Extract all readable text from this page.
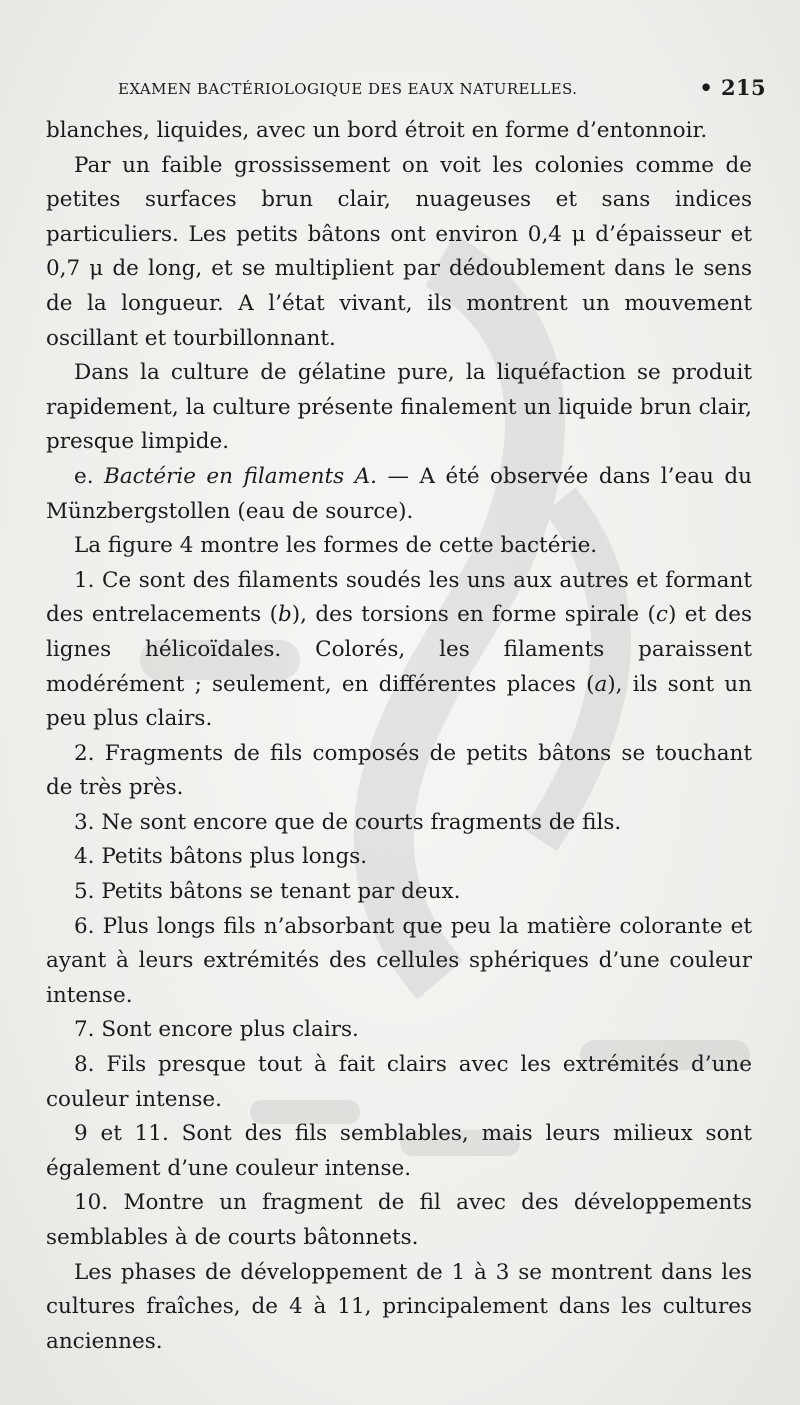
EXAMEN BACTÉRIOLOGIQUE DES EAUX NATURELLES.	• 215

blanches, liquides, avec un bord étroit en forme d’entonnoir.

Par un faible grossissement on voit les colonies comme de petites surfaces brun clair, nuageuses et sans indices particuliers. Les petits bâtons ont environ 0,4 μ d’épaisseur et 0,7 μ de long, et se multiplient par dédoublement dans le sens de la longueur. A l’état vivant, ils montrent un mouvement oscillant et tourbillonnant.

Dans la culture de gélatine pure, la liquéfaction se produit rapidement, la culture présente finalement un liquide brun clair, presque limpide.

e. Bactérie en filaments A. — A été observée dans l’eau du Münzbergstollen (eau de source).

La figure 4 montre les formes de cette bactérie.

1. Ce sont des filaments soudés les uns aux autres et formant des entrelacements (b), des torsions en forme spirale (c) et des lignes hélicoïdales. Colorés, les filaments paraissent modérément ; seulement, en différentes places (a), ils sont un peu plus clairs.

2. Fragments de fils composés de petits bâtons se touchant de très près.

3. Ne sont encore que de courts fragments de fils.

4. Petits bâtons plus longs.

5. Petits bâtons se tenant par deux.

6. Plus longs fils n’absorbant que peu la matière colorante et ayant à leurs extrémités des cellules sphériques d’une couleur intense.

7. Sont encore plus clairs.

8. Fils presque tout à fait clairs avec les extrémités d’une couleur intense.

9 et 11. Sont des fils semblables, mais leurs milieux sont également d’une couleur intense.

10. Montre un fragment de fil avec des développements semblables à de courts bâtonnets.

Les phases de développement de 1 à 3 se montrent dans les cultures fraîches, de 4 à 11, principalement dans les cultures anciennes.
